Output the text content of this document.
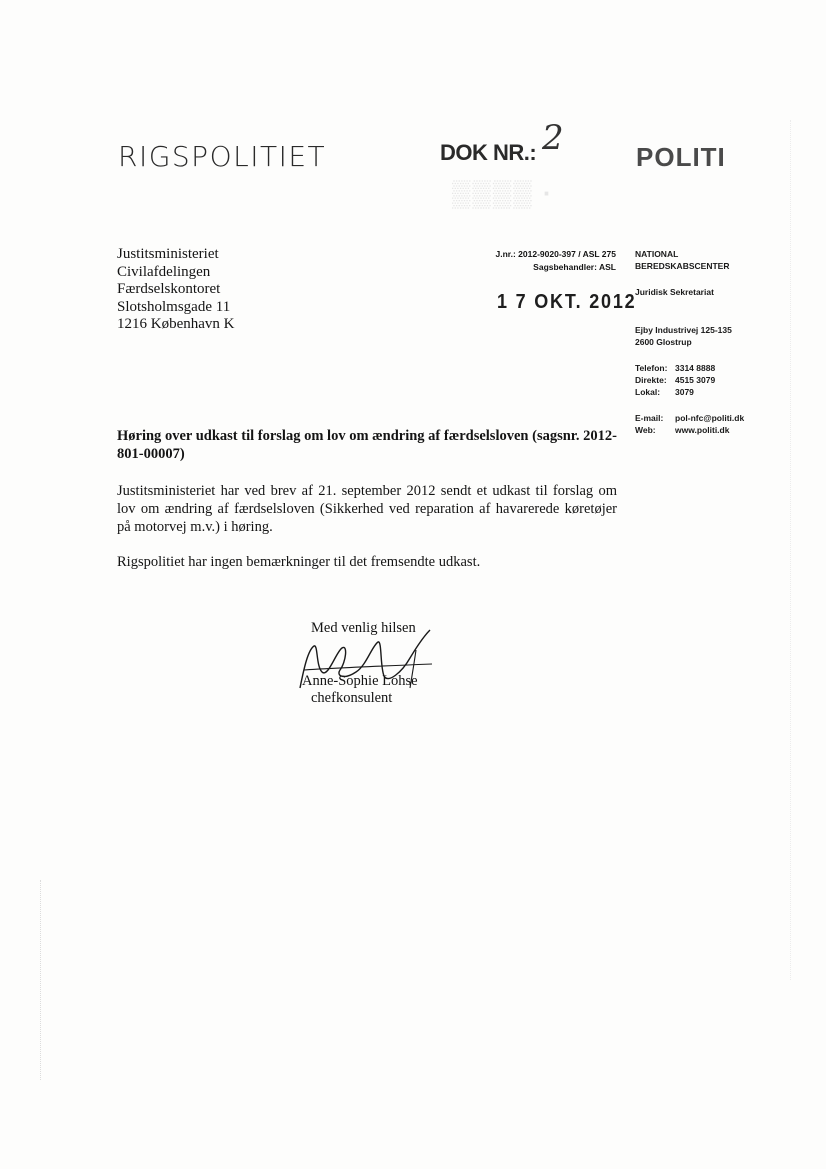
RIGSPOLITIET	DOK NR.: 2
▒▒▒▒ ·
POLITI
Justitsministeriet
Civilafdelingen
Færdselskontoret
Slotsholmsgade 11
1216 København K
J.nr.: 2012-9020-397 / ASL 275
Sagsbehandler: ASL
1 7 OKT. 2012
NATIONAL
BEREDSKABSCENTER
Juridisk Sekretariat
Ejby Industrivej 125-135
2600 Glostrup
Telefon: 3314 8888
Direkte: 4515 3079
Lokal:	3079
E-mail:	pol-nfc@politi.dk
Web:	www.politi.dk
Høring over udkast til forslag om lov om ændring af færdselsloven (sagsnr. 2012-801-00007)
Justitsministeriet har ved brev af 21. september 2012 sendt et udkast til forslag om lov om ændring af færdselsloven (Sikkerhed ved reparation af havarerede køretøjer på motorvej m.v.) i høring.
Rigspolitiet har ingen bemærkninger til det fremsendte udkast.
Med venlig hilsen
Anne-Sophie Lohse
chefkonsulent
